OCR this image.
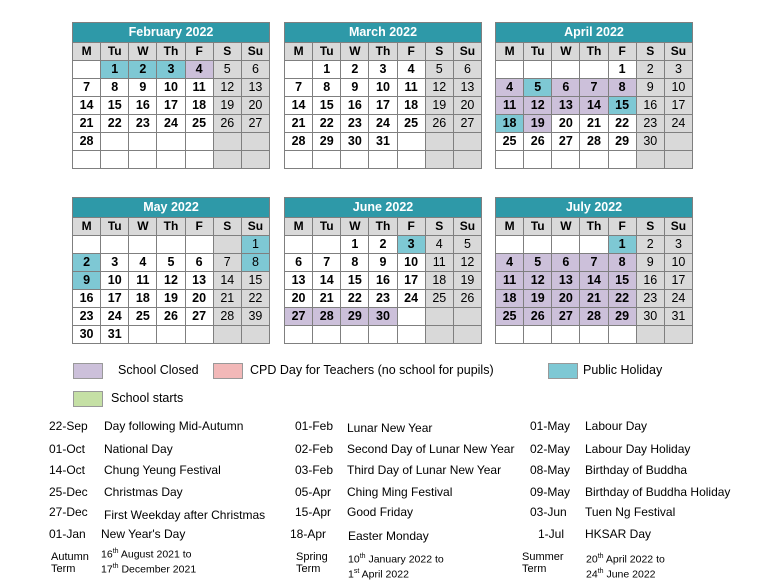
February 2022						
M	Tu	W	Th	F	S	Su
	1	2	3	4	5	6
7	8	9	10	11	12	13
14	15	16	17	18	19	20
21	22	23	24	25	26	27
28						

March 2022						
M	Tu	W	Th	F	S	Su
	1	2	3	4	5	6
7	8	9	10	11	12	13
14	15	16	17	18	19	20
21	22	23	24	25	26	27
28	29	30	31			

April 2022						
M	Tu	W	Th	F	S	Su
				1	2	3
4	5	6	7	8	9	10
11	12	13	14	15	16	17
18	19	20	21	22	23	24
25	26	27	28	29	30	

May 2022						
M	Tu	W	Th	F	S	Su
						1
2	3	4	5	6	7	8
9	10	11	12	13	14	15
16	17	18	19	20	21	22
23	24	25	26	27	28	39
30	31					
June 2022						
M	Tu	W	Th	F	S	Su
		1	2	3	4	5
6	7	8	9	10	11	12
13	14	15	16	17	18	19
20	21	22	23	24	25	26
27	28	29	30			

July 2022						
M	Tu	W	Th	F	S	Su
				1	2	3
4	5	6	7	8	9	10
11	12	13	14	15	16	17
18	19	20	21	22	23	24
25	26	27	28	29	30	31

School Closed	CPD Day for Teachers (no school for pupils)	Public Holiday
School starts
22-Sep Day following Mid-Autumn
01-Oct National Day
14-Oct Chung Yeung Festival
25-Dec Christmas Day
27-Dec First Weekday after Christmas
01-Jan New Year's Day
01-Feb Lunar New Year
02-Feb Second Day of Lunar New Year
03-Feb Third Day of Lunar New Year
05-Apr Ching Ming Festival
15-Apr Good Friday
18-Apr Easter Monday
01-May Labour Day
02-May Labour Day Holiday
08-May Birthday of Buddha
09-May Birthday of Buddha Holiday
03-Jun Tuen Ng Festival
1-Jul HKSAR Day
Autumn
Term
16th August 2021 to
17th December 2021
Spring
Term
10th January 2022 to
1st April 2022
Summer
Term
20th April 2022 to
24th June 2022
